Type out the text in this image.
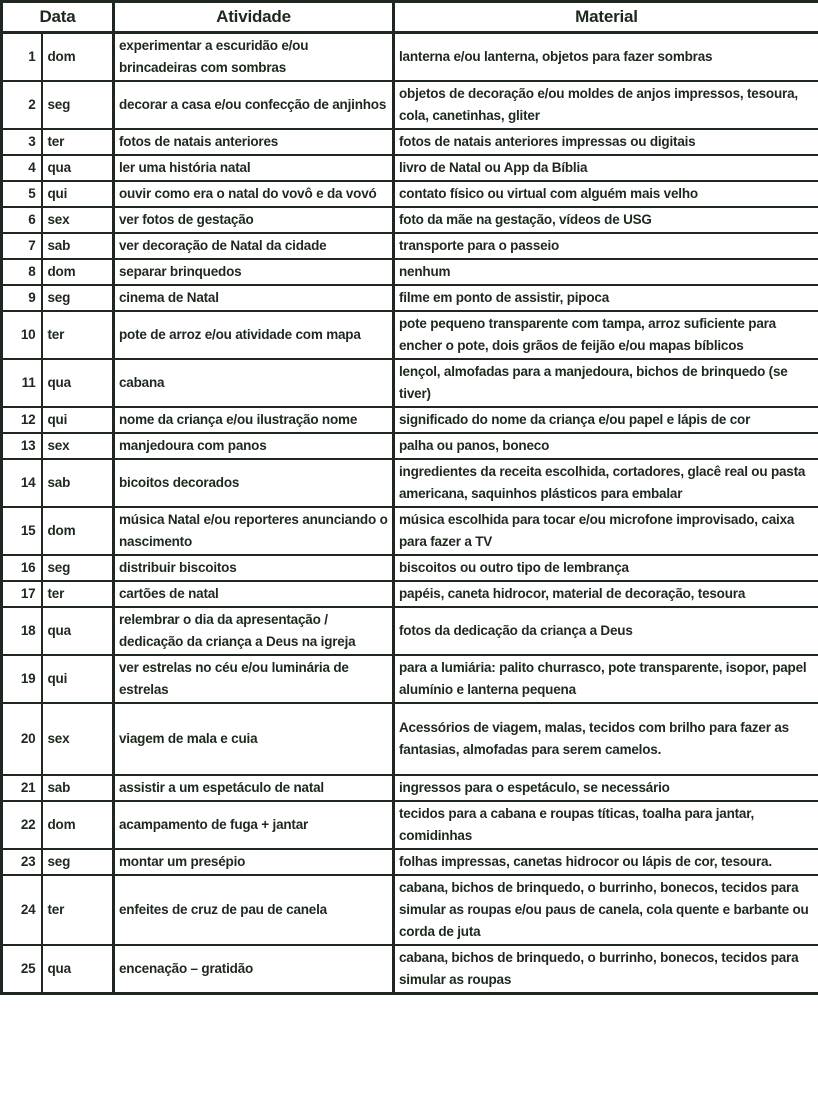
Data		Atividade	Material
1	dom	experimentar a escuridão e/ou brincadeiras com sombras	lanterna e/ou lanterna, objetos para fazer sombras
2	seg	decorar a casa e/ou confecção de anjinhos	objetos de decoração e/ou moldes de anjos impressos, tesoura, cola, canetinhas, gliter
3	ter	fotos de natais anteriores	fotos de natais anteriores impressas ou digitais
4	qua	ler uma história natal	livro de Natal ou App da Bíblia
5	qui	ouvir como era o natal do vovô e da vovó	contato físico ou virtual com alguém mais velho
6	sex	ver fotos de gestação	foto da mãe na gestação, vídeos de USG
7	sab	ver decoração de Natal da cidade	transporte para o passeio
8	dom	separar brinquedos	nenhum
9	seg	cinema de Natal	filme em ponto de assistir, pipoca
10	ter	pote de arroz e/ou atividade com mapa	pote pequeno transparente com tampa, arroz suficiente para encher o pote, dois grãos de feijão e/ou mapas bíblicos
11	qua	cabana	lençol, almofadas para a manjedoura, bichos de brinquedo (se tiver)
12	qui	nome da criança e/ou ilustração nome	significado do nome da criança e/ou papel e lápis de cor
13	sex	manjedoura com panos	palha ou panos, boneco
14	sab	bicoitos decorados	ingredientes da receita escolhida, cortadores, glacê real ou pasta americana, saquinhos plásticos para embalar
15	dom	música Natal e/ou reporteres anunciando o nascimento	música escolhida para tocar e/ou microfone improvisado, caixa para fazer a TV
16	seg	distribuir biscoitos	biscoitos ou outro tipo de lembrança
17	ter	cartões de natal	papéis, caneta hidrocor, material de decoração, tesoura
18	qua	relembrar o dia da apresentação / dedicação da criança a Deus na igreja	fotos da dedicação da criança a Deus
19	qui	ver estrelas no céu e/ou luminária de estrelas	para a lumiária: palito churrasco, pote transparente, isopor, papel alumínio e lanterna pequena
20	sex	viagem de mala e cuia	Acessórios de viagem, malas, tecidos com brilho para fazer as fantasias, almofadas para serem camelos.
21	sab	assistir a um espetáculo de natal	ingressos para o espetáculo, se necessário
22	dom	acampamento de fuga + jantar	tecidos para a cabana e roupas títicas, toalha para jantar, comidinhas
23	seg	montar um presépio	folhas impressas, canetas hidrocor ou lápis de cor, tesoura.
24	ter	enfeites de cruz de pau de canela	cabana, bichos de brinquedo, o burrinho, bonecos, tecidos para simular as roupas e/ou paus de canela, cola quente e barbante ou corda de juta
25	qua	encenação – gratidão	cabana, bichos de brinquedo, o burrinho, bonecos, tecidos para simular as roupas
